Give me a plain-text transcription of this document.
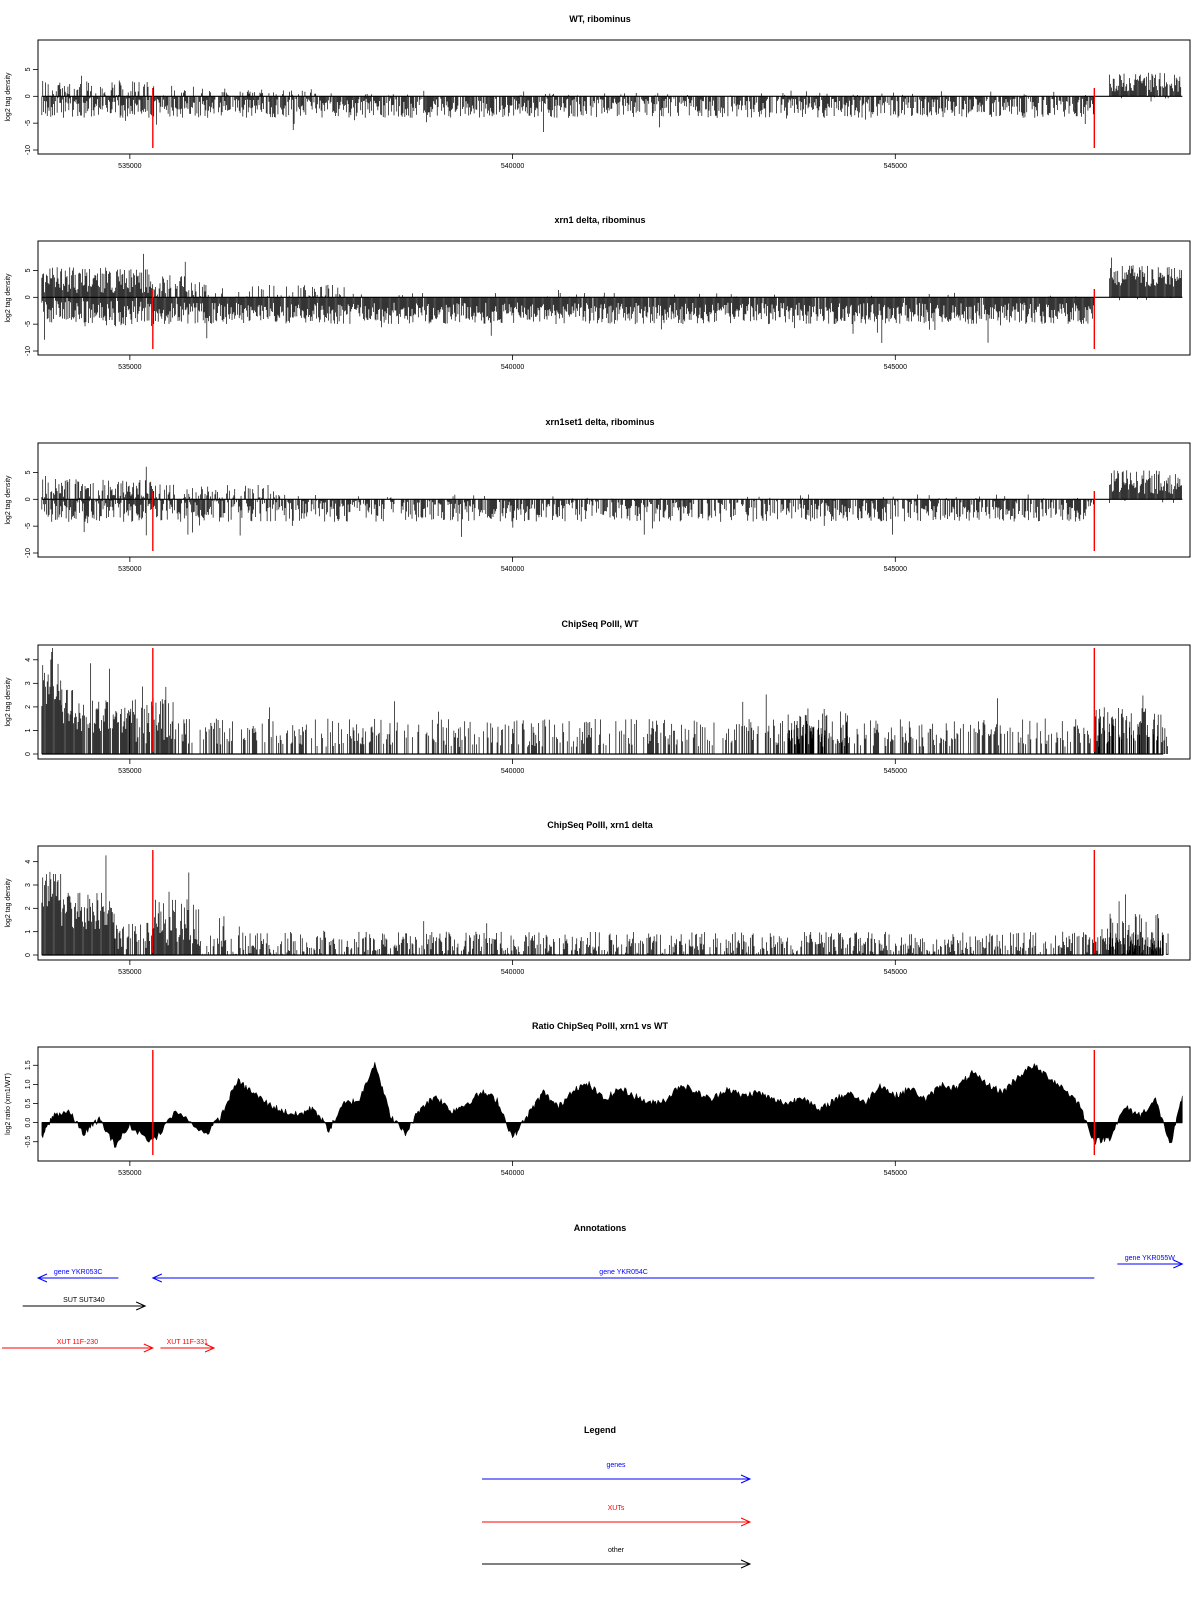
WT, ribominus
log2 tag density
-10
-5
0
5
535000	540000	545000
xrn1 delta, ribominus
log2 tag density
-10
-5
0
5
535000	540000	545000
xrn1set1 delta, ribominus
log2 tag density
-10
-5
0
5
535000	540000	545000
ChipSeq PolII, WT
log2 tag density
0
1
2
3
4
535000	540000	545000
ChipSeq PolII, xrn1 delta
log2 tag density
0
1
2
3
4
535000	540000	545000
Ratio ChipSeq PolII, xrn1 vs WT
log2 ratio (xrn1/WT)
-0.5
0.0
0.5
1.0
1.5
535000	540000	545000
Annotations
gene YKR053C	gene YKR054C
gene YKR055W
SUT SUT340
XUT 11F-230	XUT 11F-331
Legend
genes
XUTs
other
